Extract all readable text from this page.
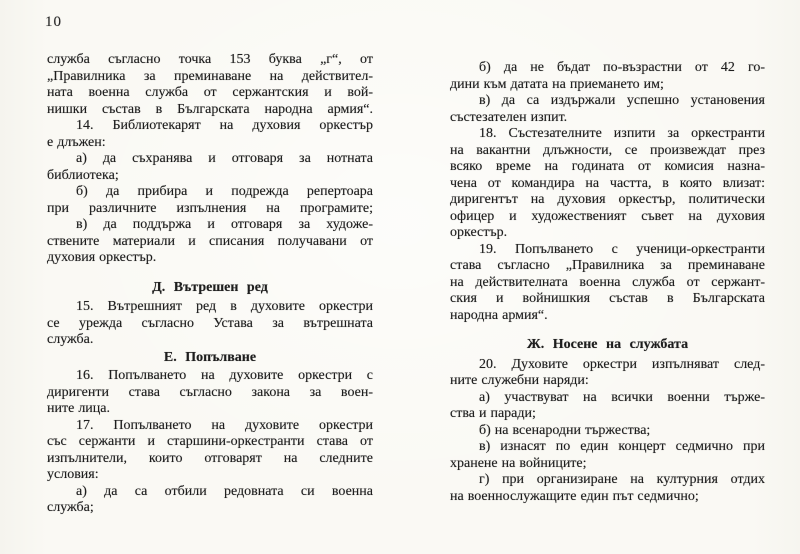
10
служба съгласно точка 153 буква „г“, от
„Правилника за преминаване на действител-
ната военна служба от сержантския и вой-
нишки състав в Българската народна армия“.
14. Библиотекарят на духовия оркестър
е длъжен:
а) да съхранява и отговаря за нотната
библиотека;
б) да прибира и подрежда репертоара
при различните изпълнения на програмите;
в) да поддържа и отговаря за художе-
ствените материали и списания получавани от
духовия оркестър.
Д. Вътрешен ред
15. Вътрешният ред в духовите оркестри
се урежда съгласно Устава за вътрешната
служба.
Е. Попълване
16. Попълването на духовите оркестри с
диригенти става съгласно закона за воен-
ните лица.
17. Попълването на духовите оркестри
със сержанти и старшини-оркестранти става от
изпълнители, които отговарят на следните
условия:
а) да са отбили редовната си военна
служба;
б) да не бъдат по-възрастни от 42 го-
дини към датата на приемането им;
в) да са издържали успешно установения
състезателен изпит.
18. Състезателните изпити за оркестранти
на вакантни длъжности, се произвеждат през
всяко време на годината от комисия назна-
чена от командира на частта, в която влизат:
диригентът на духовия оркестър, политически
офицер и художественият съвет на духовия
оркестър.
19. Попълването с ученици-оркестранти
става съгласно „Правилника за преминаване
на действителната военна служба от сержант-
ския и войнишкия състав в Българската
народна армия“.
Ж. Носене на службата
20. Духовите оркестри изпълняват след-
ните служебни наряди:
а) участвуват на всички военни търже-
ства и паради;
б) на всенародни тържества;
в) изнасят по един концерт седмично при
хранене на войниците;
г) при организиране на културния отдих
на военнослужащите един път седмично;
